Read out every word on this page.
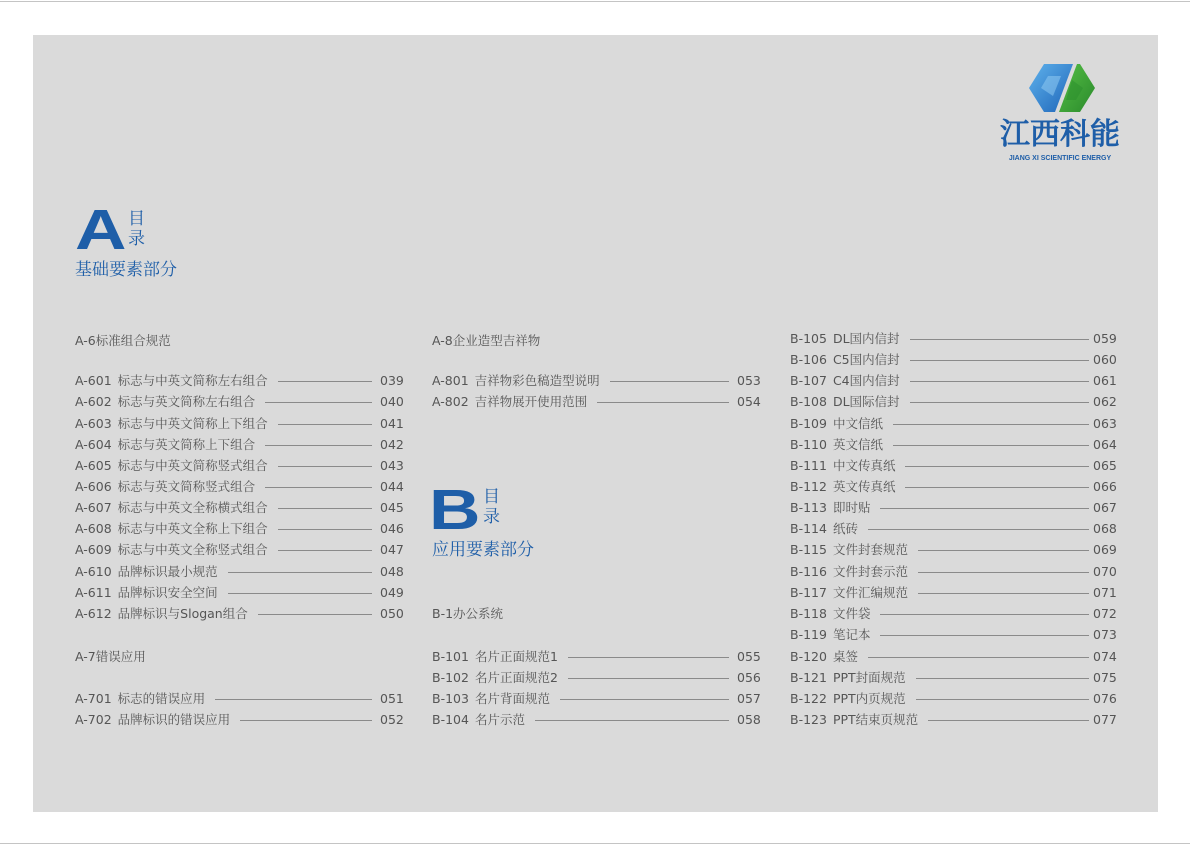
江西科能
JIANG XI SCIENTIFIC ENERGY
A 目
录
基础要素部分
B 目
录
应用要素部分
A-6标准组合规范
A-601 标志与中英文简称左右组合	039
A-602 标志与英文简称左右组合	040
A-603 标志与中英文简称上下组合	041
A-604 标志与英文简称上下组合	042
A-605 标志与中英文简称竖式组合	043
A-606 标志与英文简称竖式组合	044
A-607 标志与中英文全称横式组合	045
A-608 标志与中英文全称上下组合	046
A-609 标志与中英文全称竖式组合	047
A-610 品牌标识最小规范	048
A-611 品牌标识安全空间	049
A-612 品牌标识与Slogan组合	050
A-7错误应用
A-701 标志的错误应用	051
A-702 品牌标识的错误应用	052
A-8企业造型吉祥物
A-801 吉祥物彩色稿造型说明	053
A-802 吉祥物展开使用范围	054
B-1办公系统
B-101 名片正面规范1	055
B-102 名片正面规范2	056
B-103 名片背面规范	057
B-104 名片示范	058
B-105 DL国内信封	059
B-106 C5国内信封	060
B-107 C4国内信封	061
B-108 DL国际信封	062
B-109 中文信纸	063
B-110 英文信纸	064
B-111 中文传真纸	065
B-112 英文传真纸	066
B-113 即时贴	067
B-114 纸砖	068
B-115 文件封套规范	069
B-116 文件封套示范	070
B-117 文件汇编规范	071
B-118 文件袋	072
B-119 笔记本	073
B-120 桌签	074
B-121 PPT封面规范	075
B-122 PPT内页规范	076
B-123 PPT结束页规范	077
